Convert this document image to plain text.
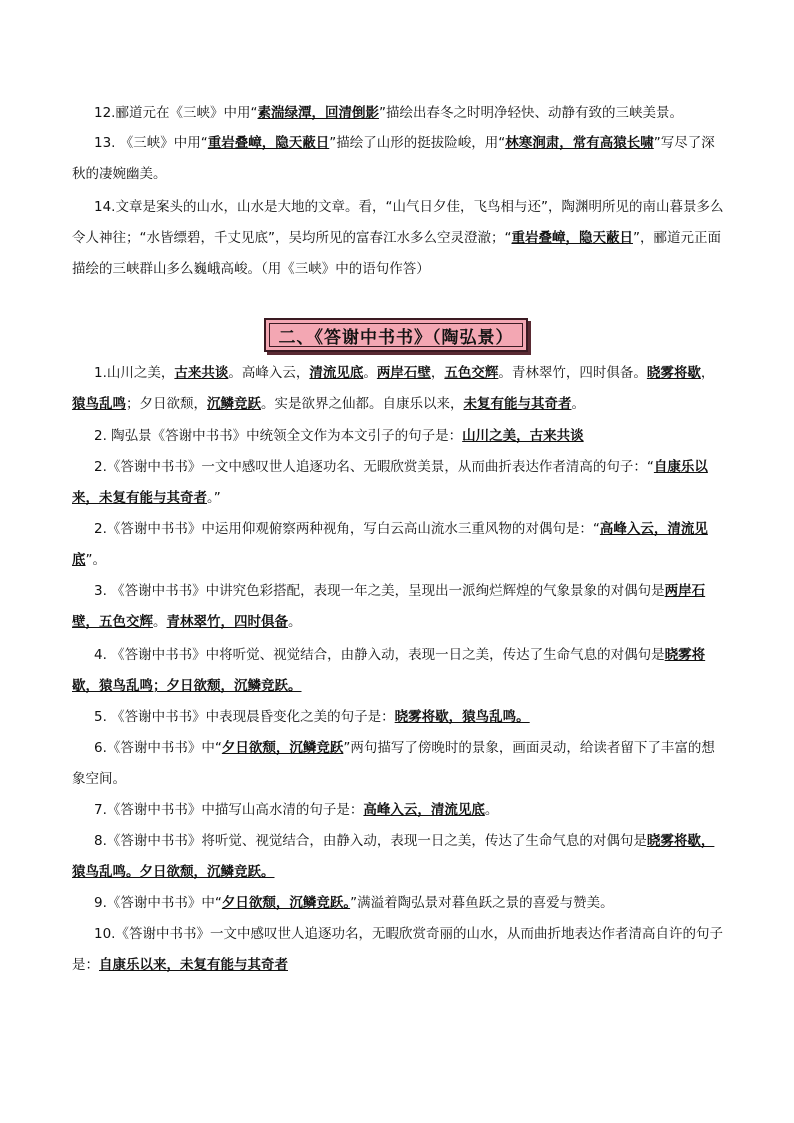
12.郦道元在《三峡》中用“素湍绿潭，回清倒影”描绘出春冬之时明净轻快、动静有致的三峡美景。

13. 《三峡》中用“重岩叠嶂，隐天蔽日”描绘了山形的挺拔险峻，用“林寒涧肃，常有高猿长啸”写尽了深秋的凄婉幽美。

14.文章是案头的山水，山水是大地的文章。看，“山气日夕佳，飞鸟相与还”，陶渊明所见的南山暮景多么令人神往；“水皆缥碧，千丈见底”，吴均所见的富春江水多么空灵澄澈；“重岩叠嶂，隐天蔽日”，郦道元正面描绘的三峡群山多么巍峨高峻。（用《三峡》中的语句作答）

二、《答谢中书书》（陶弘景）

1.山川之美，古来共谈。高峰入云，清流见底。两岸石壁，五色交辉。青林翠竹，四时俱备。晓雾将歇，猿鸟乱鸣；夕日欲颓，沉鳞竞跃。实是欲界之仙都。自康乐以来，未复有能与其奇者。

2. 陶弘景《答谢中书书》中统领全文作为本文引子的句子是：山川之美，古来共谈

2.《答谢中书书》一文中感叹世人追逐功名、无暇欣赏美景，从而曲折表达作者清高的句子：“自康乐以来，未复有能与其奇者。”

2.《答谢中书书》中运用仰观俯察两种视角，写白云高山流水三重风物的对偶句是：“高峰入云，清流见底”。

3. 《答谢中书书》中讲究色彩搭配，表现一年之美，呈现出一派绚烂辉煌的气象景象的对偶句是两岸石壁，五色交辉。青林翠竹，四时俱备。

4. 《答谢中书书》中将听觉、视觉结合，由静入动，表现一日之美，传达了生命气息的对偶句是晓雾将歇，猿鸟乱鸣；夕日欲颓，沉鳞竞跃。

5. 《答谢中书书》中表现晨昏变化之美的句子是：晓雾将歇，猿鸟乱鸣。

6.《答谢中书书》中“夕日欲颓，沉鳞竞跃”两句描写了傍晚时的景象，画面灵动，给读者留下了丰富的想象空间。

7.《答谢中书书》中描写山高水清的句子是：高峰入云，清流见底。

8.《答谢中书书》将听觉、视觉结合，由静入动，表现一日之美，传达了生命气息的对偶句是晓雾将歇，猿鸟乱鸣。夕日欲颓，沉鳞竞跃。

9.《答谢中书书》中“夕日欲颓，沉鳞竞跃。”满溢着陶弘景对暮鱼跃之景的喜爱与赞美。

10.《答谢中书书》一文中感叹世人追逐功名，无暇欣赏奇丽的山水，从而曲折地表达作者清高自许的句子是：自康乐以来，未复有能与其奇者
